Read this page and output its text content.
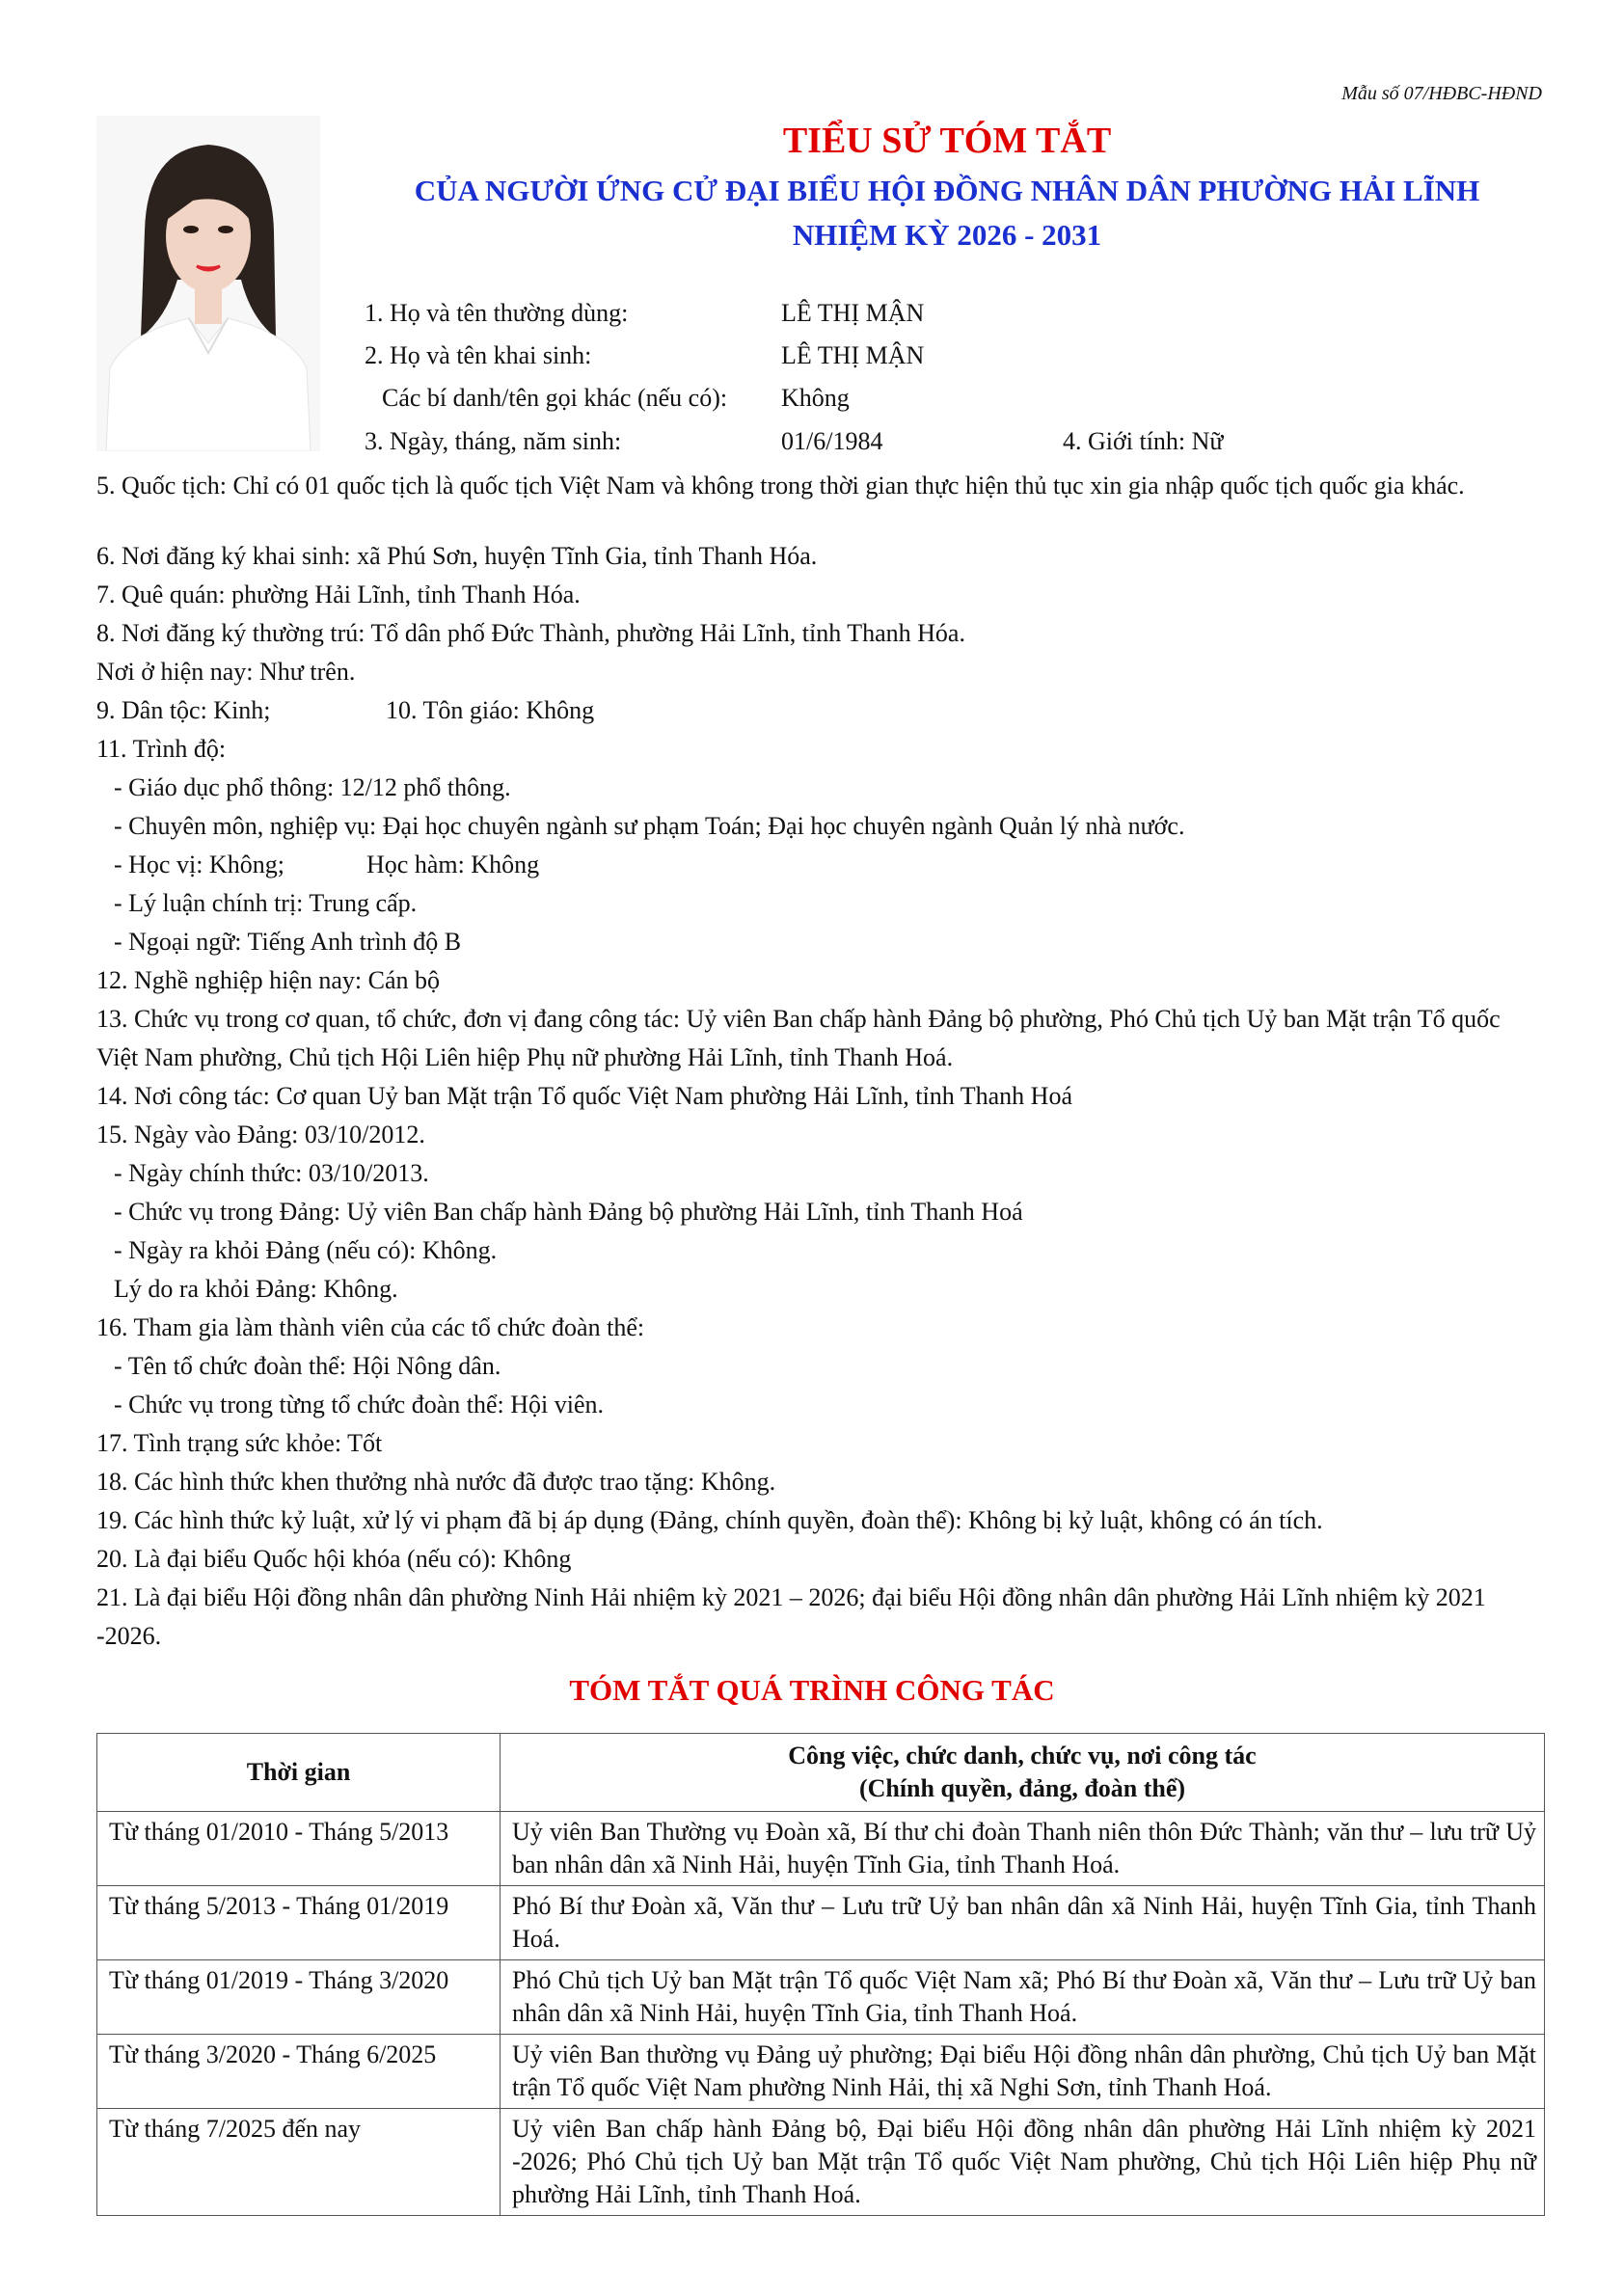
Mẫu số 07/HĐBC-HĐND
TIỂU SỬ TÓM TẮT
CỦA NGƯỜI ỨNG CỬ ĐẠI BIỂU HỘI ĐỒNG NHÂN DÂN PHƯỜNG HẢI LĨNH
NHIỆM KỲ 2026 - 2031
1. Họ và tên thường dùng:	LÊ THỊ MẬN
2. Họ và tên khai sinh:	LÊ THỊ MẬN
Các bí danh/tên gọi khác (nếu có): Không
3. Ngày, tháng, năm sinh:	01/6/1984	4. Giới tính: Nữ
5. Quốc tịch: Chỉ có 01 quốc tịch là quốc tịch Việt Nam và không trong thời gian thực hiện thủ tục xin gia nhập quốc tịch quốc gia khác.
6. Nơi đăng ký khai sinh: xã Phú Sơn, huyện Tĩnh Gia, tỉnh Thanh Hóa.
7. Quê quán: phường Hải Lĩnh, tỉnh Thanh Hóa.
8. Nơi đăng ký thường trú: Tổ dân phố Đức Thành, phường Hải Lĩnh, tỉnh Thanh Hóa.
Nơi ở hiện nay: Như trên.
9. Dân tộc: Kinh;	10. Tôn giáo: Không
11. Trình độ:
- Giáo dục phổ thông: 12/12 phổ thông.
- Chuyên môn, nghiệp vụ: Đại học chuyên ngành sư phạm Toán; Đại học chuyên ngành Quản lý nhà nước.
- Học vị: Không;	Học hàm: Không
- Lý luận chính trị: Trung cấp.
- Ngoại ngữ: Tiếng Anh trình độ B
12. Nghề nghiệp hiện nay: Cán bộ
13. Chức vụ trong cơ quan, tổ chức, đơn vị đang công tác: Uỷ viên Ban chấp hành Đảng bộ phường, Phó Chủ tịch Uỷ ban Mặt trận Tổ quốc Việt Nam phường, Chủ tịch Hội Liên hiệp Phụ nữ phường Hải Lĩnh, tỉnh Thanh Hoá.
14. Nơi công tác: Cơ quan Uỷ ban Mặt trận Tổ quốc Việt Nam phường Hải Lĩnh, tỉnh Thanh Hoá
15. Ngày vào Đảng: 03/10/2012.
- Ngày chính thức: 03/10/2013.
- Chức vụ trong Đảng: Uỷ viên Ban chấp hành Đảng bộ phường Hải Lĩnh, tỉnh Thanh Hoá
- Ngày ra khỏi Đảng (nếu có): Không.
Lý do ra khỏi Đảng: Không.
16. Tham gia làm thành viên của các tổ chức đoàn thể:
- Tên tổ chức đoàn thể: Hội Nông dân.
- Chức vụ trong từng tổ chức đoàn thể: Hội viên.
17. Tình trạng sức khỏe: Tốt
18. Các hình thức khen thưởng nhà nước đã được trao tặng: Không.
19. Các hình thức kỷ luật, xử lý vi phạm đã bị áp dụng (Đảng, chính quyền, đoàn thể): Không bị kỷ luật, không có án tích.
20. Là đại biểu Quốc hội khóa (nếu có): Không
21. Là đại biểu Hội đồng nhân dân phường Ninh Hải nhiệm kỳ 2021 – 2026; đại biểu Hội đồng nhân dân phường Hải Lĩnh nhiệm kỳ 2021 -2026.
TÓM TẮT QUÁ TRÌNH CÔNG TÁC
Thời gian	Công việc, chức danh, chức vụ, nơi công tác
(Chính quyền, đảng, đoàn thể)

Từ tháng 01/2010 - Tháng 5/2013	Uỷ viên Ban Thường vụ Đoàn xã, Bí thư chi đoàn Thanh niên thôn Đức Thành; văn thư – lưu trữ Uỷ ban nhân dân xã Ninh Hải, huyện Tĩnh Gia, tỉnh Thanh Hoá.
Từ tháng 5/2013 - Tháng 01/2019	Phó Bí thư Đoàn xã, Văn thư – Lưu trữ Uỷ ban nhân dân xã Ninh Hải, huyện Tĩnh Gia, tỉnh Thanh Hoá.
Từ tháng 01/2019 - Tháng 3/2020	Phó Chủ tịch Uỷ ban Mặt trận Tổ quốc Việt Nam xã; Phó Bí thư Đoàn xã, Văn thư – Lưu trữ Uỷ ban nhân dân xã Ninh Hải, huyện Tĩnh Gia, tỉnh Thanh Hoá.
Từ tháng 3/2020 - Tháng 6/2025	Uỷ viên Ban thường vụ Đảng uỷ phường; Đại biểu Hội đồng nhân dân phường, Chủ tịch Uỷ ban Mặt trận Tổ quốc Việt Nam phường Ninh Hải, thị xã Nghi Sơn, tỉnh Thanh Hoá.
Từ tháng 7/2025 đến nay	Uỷ viên Ban chấp hành Đảng bộ, Đại biểu Hội đồng nhân dân phường Hải Lĩnh nhiệm kỳ 2021 -2026; Phó Chủ tịch Uỷ ban Mặt trận Tổ quốc Việt Nam phường, Chủ tịch Hội Liên hiệp Phụ nữ phường Hải Lĩnh, tỉnh Thanh Hoá.
